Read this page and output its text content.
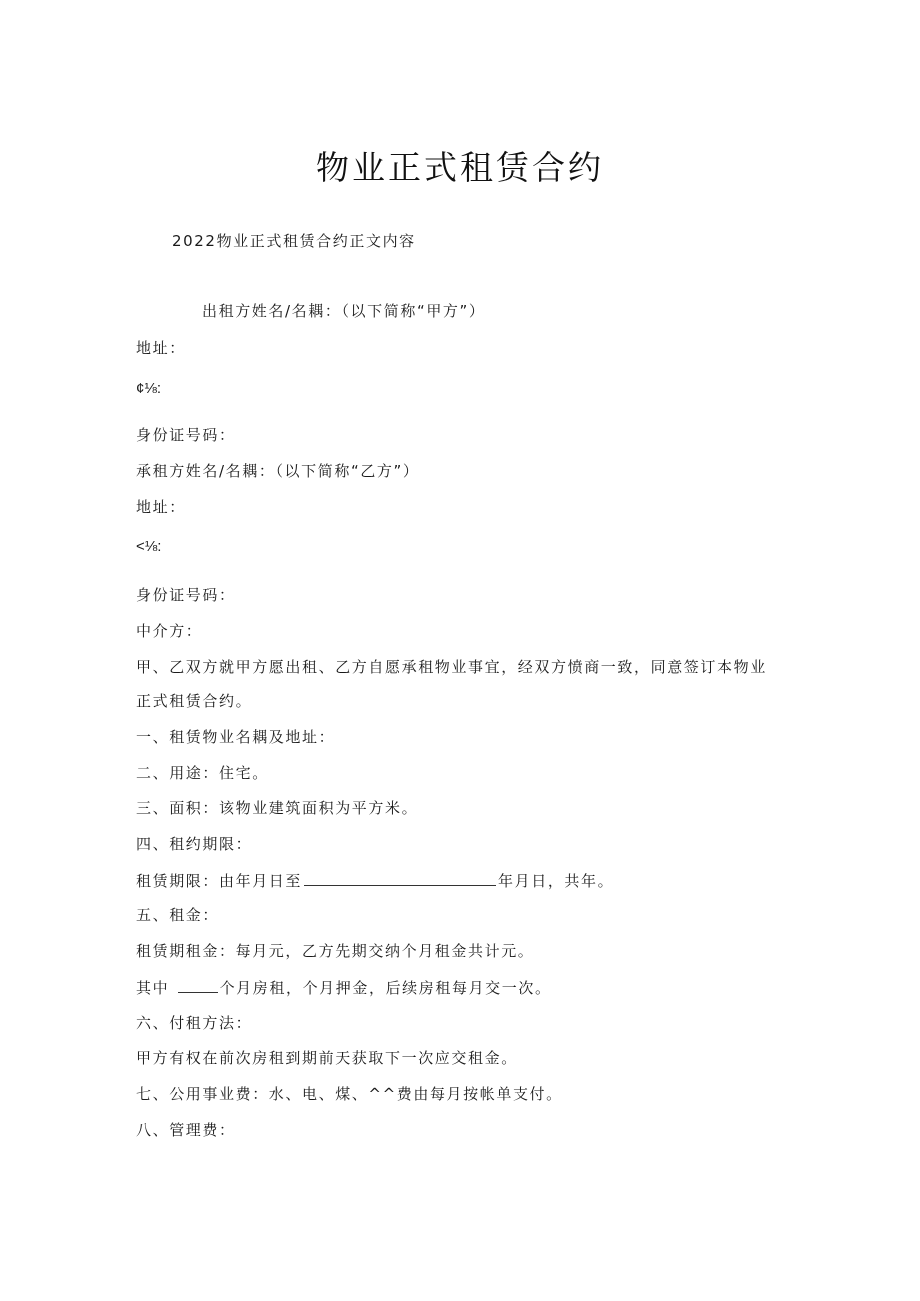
物业正式租赁合约
2022物业正式租赁合约正文内容
出租方姓名/名耦：（以下简称“甲方”）
地址：
¢⅛:
身份证号码：
承租方姓名/名耦：（以下简称“乙方”）
地址：
<⅛:
身份证号码：
中介方：
甲、乙双方就甲方愿出租、乙方自愿承租物业事宜，经双方愤商一致，同意签订本物业
正式租赁合约。
一、租赁物业名耦及地址：
二、用途：住宅。
三、面积：该物业建筑面积为平方米。
四、租约期限：
租赁期限：由年月日至	年月日，共年。
五、租金：
租赁期租金：每月元，乙方先期交纳个月租金共计元。
其中	个月房租，个月押金，后续房租每月交一次。
六、付租方法：
甲方有权在前次房租到期前天获取下一次应交租金。
七、公用事业费：水、电、煤、^^费由每月按帐单支付。
八、管理费：
